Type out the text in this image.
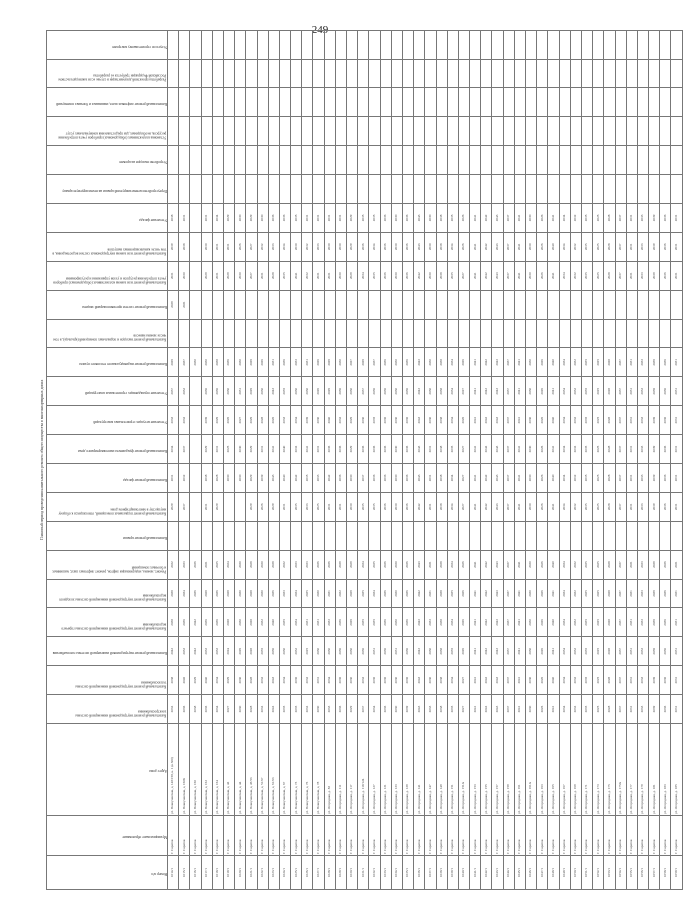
249
Плановый период проведения капитального ремонта общего имущества в многоквартирных домах																										
Номер п/п	Муниципальное образование	Адрес дома	Капитальный ремонт внутридомовой инженерной системы электроснабжения	Капитальный ремонт внутридомовой инженерной системы теплоснабжения	Капитальный ремонт внутридомовой инженерной системы газоснабжения	Капитальный ремонт внутридомовой инженерной системы горячего водоснабжения	Капитальный ремонт внутридомовой инженерной системы холодного водоснабжения	Ремонт, замена, модернизация лифтов, ремонт лифтовых шахт, машинных и блочных помещений	Капитальный ремонт крыши	Капитальный ремонт подвальных помещений, относящихся к общему имуществу в многоквартирном доме	Капитальный ремонт фасада	Капитальный ремонт фундамента многоквартирного дома	Утепление несущих строительных конструкций	Утепление ограждающих строительных конструкций	Капитальный ремонт индивидуального теплового пункта	Капитальный ремонт выходов и подвальных помещений (крыльца), в том числе замена навесов	Капитальный ремонт систем противопожарной защиты	Капитальный ремонт или замена коллективных (общедомовых) приборов учета потребления ресурсов и узлов управления и регулирования	Капитальный ремонт или замена внутридомовых систем водоотведения, в том числе канализационных выпусков	Утепление фасада	Переустройство невентилируемой крыши на вентилируемую крышу	Устройство выходов на кровлю	Установка коллективных (общедомовых) приборов учета потребления ресурсов, необходимых для предоставления коммунальных услуг	Капитальный ремонт лифтовых шахт, машинных и блочных помещений	Разработка проектной документации в случае если законодательством Российской Федерации требуется её разработка	Услуги по строительному контролю
1014/1	Г. Саратов	ул. Новоузенская, д. 148/158, к. 1 (к 300)	2032	2038	2042	2038	2038	2032		2029	2031	2034	2033	2037	2029		2039	2031	2039	2038						
1015/1	Г. Саратов	ул. Новоузенская, д. 160Б	2036	2046	2033	2036	2034	2033		2037	2032	2037	2032	2032	2037		2031	2030	2038	2031						
1016/1	Г. Саратов	ул. Новоузенская, д. 160	2038	2029	2042	2042	2036	2036							2030											
1017/1	Г. Саратов	ул. Новоузенская, д. 162	2036	2040	2033	2036	2028	2031		2031	2038	2029	2039	2036	2030			2029	2030	2031						
1018/1	Г. Саратов	ул. Новоузенская, д. 164	2034	2034	2033	2036	2036	2025		2029	2028	2031	2029	2036	2038			2031	2031	2034						
1019/1	Г. Саратов	ул. Новоузенская, д. 42	2027	2029	2024	2028	2028	2024			2030	2025	2026	2030	2036			2029	2031	2029						
1020/1	Г. Саратов	ул. Новоузенская, д. 44	2030	2030	2029	2030	2030	2030			2030	2030	2027	2031	2030			2030	2026	2030						
1021/1	Г. Саратов	ул. Новоузенская, д. 45/53	2028	2028	2028	2028	2028	2028		2029	2029	2029	2029	2029	2029			2027	2027	2029						
1022/1	Г. Саратов	ул. Новоузенская, д. 51/67	2032	2032	2035	2032	2030	2030		2026	2039	2031	2028	2030	2026			2031	2032	2030						
1023/1	Г. Саратов	ул. Новоузенская, д. 61/63	2042	2043	2036	2040	2036	2038		2029	2043	2041	2026	2043	2031			2028	2033	2036						
1024/1	Г. Саратов	ул. Новоузенская, д. 67	2035	2034	2030	2035	2033	2032		2031	2040	2040	2033	2035	2036			2035	2034	2036						
1025/1	Г. Саратов	ул. Новоузенская, д. 73	2035	2036	2032	2034	2034	2033		2035	2042	2032	2034	2030	2033			2041	2030	2035						
1026/1	Г. Саратов	ул. Новоузенская, д. 76	2032	2032	2025	2031	2035	2033		2033	2035	2041	2039	2030	2031			2032	2032	2031						
1027/1	Г. Саратов	ул. Новоузенская, д. 78	2030	2031	2030	2031	2030	2036		2025	2033	2031	2030	2026	2026			2031	2033	2031						
1028/1	Г. Саратов	ул. Огородная, д. 83	2033	2034	2030	2033	2031	2036		2031	2042	2036	2040	2029	2029			2031	2030	2031						
1029/1	Г. Саратов	ул. Огородная, д. 111	2036	2036	2036	2036	2032	2039		2031	2036	2036	2032	2036	2030			2030	2030	2031						
1030/1	Г. Саратов	ул. Огородная, д. 117	2029	2030	2030	2029	2029	2029		2030	2030	2029	2029	2030	2027			2029	2029	2029						
1031/1	Г. Саратов	ул. Огородная, д. 119/124	2037	2032	2036	2035	2035	2034		2035	2037	2036	2030	2037	2029			2034	2036	2035						
1032/1	Г. Саратов	ул. Огородная, д. 127	2034	2036	2031	2035	2034	2035		2035	2036	2036	2035	2036	2037			2035	2034	2035						
1033/1	Г. Саратов	ул. Огородная, д. 131	2036	2036	2036	2036	2036	2036		2036	2036	2036	2036	2036	2036			2036	2036	2036						
1034/1	Г. Саратов	ул. Огородная, д. 133	2030	2030	2031	2030	2030	2030		2030	2030	2030	2030	2030	2030			2030	2030	2030						
1035/1	Г. Саратов	ул. Огородная, д. 139	2039	2036	2036	2036	2036	2036		2036	2036	2036	2036	2036	2036			2036	2036	2036						
1036/1	Г. Саратов	ул. Огородная, д. 141	2043	2043	2043	2043	2042	2043		2042	2043	2043	2043	2043	2043			2042	2043	2043						
1037/1	Г. Саратов	ул. Огородная, д. 147	2033	2030	2030	2033	2031	2031		2031	2031	2031	2030	2030	2030			2030	2030	2030						
1038/1	Г. Саратов	ул. Огородная, д. 149	2038	2038	2038	2038	2038	2038		2038	2038	2038	2038	2038	2038			2038	2038	2038						
1039/1	Г. Саратов	ул. Огородная, д. 151	2035	2034	2035	2034	2035	2034		2034	2034	2035	2034	2034	2034			2035	2034	2035						
1040/1	Г. Саратов	ул. Огородная, д. 151А	2027	2027	2026	2026	2026	2026		2027	2027	2027	2026	2027	2026			2027	2026	2026						
1041/1	Г. Саратов	ул. Огородная, д. 153	2041	2041	2041	2041	2041	2041		2041	2041	2041	2041	2041	2041			2041	2041	2041						
1042/1	Г. Саратов	ул. Огородная, д. 155	2042	2042	2042	2042	2042	2042		2042	2042	2042	2042	2042	2042			2042	2042	2042						
1043/1	Г. Саратов	ул. Огородная, д. 157	2043	2043	2043	2043	2043	2043		2043	2043	2043	2043	2043	2043			2043	2043	2043						
1044/1	Г. Саратов	ул. Огородная, д. 159	2037	2037	2037	2037	2037	2037		2037	2037	2037	2037	2037	2037			2037	2037	2037						
1045/1	Г. Саратов	ул. Огородная, д. 161	2041	2041	2041	2041	2041	2041		2041	2041	2041	2041	2041	2041			2041	2041	2041						
1046/1	Г. Саратов	ул. Огородная, д. 161А	2030	2030	2030	2030	2030	2030		2030	2030	2030	2030	2030	2030			2030	2030	2030						
1047/1	Г. Саратов	ул. Огородная, д. 163	2026	2026	2026	2026	2026	2026		2026	2026	2026	2026	2026	2026			2026	2026	2026						
1048/1	Г. Саратов	ул. Огородная, д. 165	2041	2040	2041	2040	2041	2040		2041	2040	2041	2040	2041	2040			2041	2040	2041						
1049/1	Г. Саратов	ул. Огородная, д. 167	2034	2034	2034	2034	2034	2034		2034	2034	2034	2034	2034	2034			2034	2034	2034						
1050/1	Г. Саратов	ул. Огородная, д. 169	2032	2032	2032	2032	2032	2032		2032	2032	2032	2032	2032	2032			2032	2032	2032						
1051/1	Г. Саратов	ул. Огородная, д. 171	2035	2035	2035	2035	2035	2035		2035	2035	2035	2035	2035	2035			2035	2035	2035						
1052/1	Г. Саратов	ул. Огородная, д. 173	2025	2025	2025	2025	2025	2025		2025	2025	2025	2025	2025	2025			2025	2025	2025						
1053/1	Г. Саратов	ул. Огородная, д. 175	2028	2028	2028	2028	2028	2028		2028	2028	2028	2028	2028	2028			2028	2028	2028						
1054/1	Г. Саратов	ул. Огородная, д. 175А	2037	2037	2037	2037	2037	2037		2037	2037	2037	2037	2037	2037			2037	2037	2037						
1055/1	Г. Саратов	ул. Огородная, д. 177	2031	2031	2031	2031	2031	2031		2031	2031	2031	2031	2031	2031			2031	2031	2031						
1056/1	Г. Саратов	ул. Огородная, д. 179	2033	2033	2033	2033	2033	2033		2033	2033	2033	2033	2033	2033			2033	2033	2033						
1057/1	Г. Саратов	ул. Огородная, д. 181	2039	2039	2039	2039	2039	2039		2039	2039	2039	2039	2039	2039			2039	2039	2039						
1058/1	Г. Саратов	ул. Огородная, д. 183	2036	2036	2036	2036	2036	2036		2036	2036	2036	2036	2036	2036			2036	2036	2036						
1059/1	Г. Саратов	ул. Огородная, д. 185	2031	2031	2031	2031	2031	2031		2031	2031	2031	2031	2031	2031			2031	2031	2031						
